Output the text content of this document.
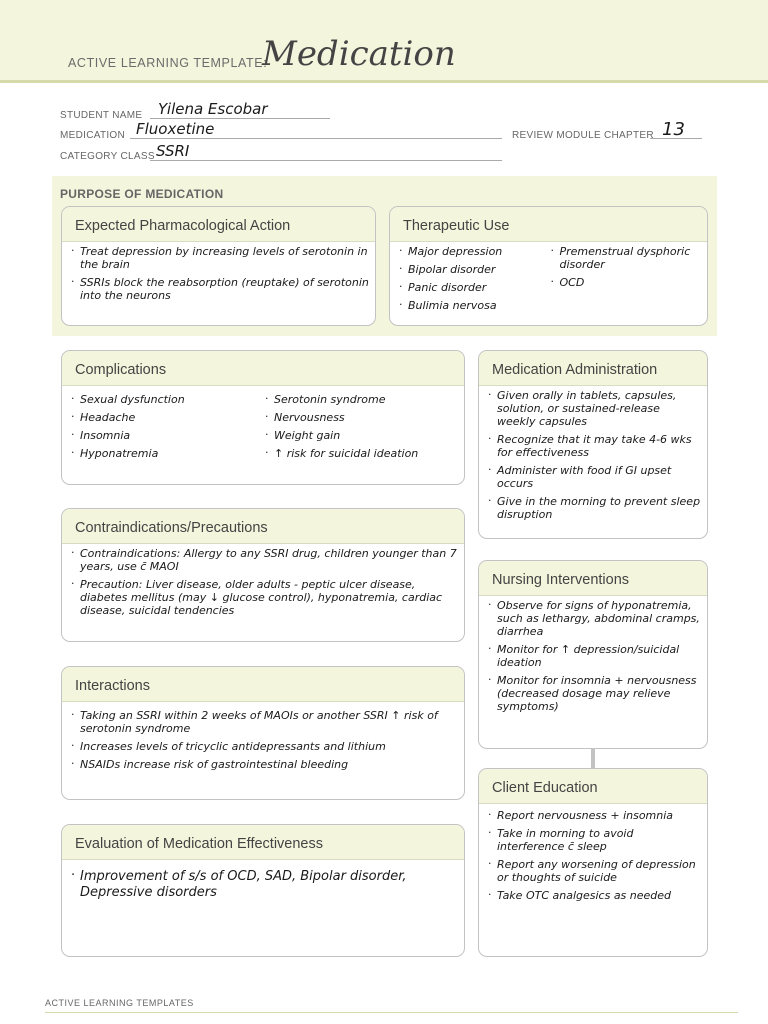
ACTIVE LEARNING TEMPLATE:
Medication
STUDENT NAME Yilena Escobar
MEDICATION Fluoxetine	REVIEW MODULE CHAPTER 13
CATEGORY CLASS SSRI
PURPOSE OF MEDICATION
Expected Pharmacological Action
· Treat depression by increasing levels of serotonin in the brain
· SSRIs block the reabsorption (reuptake) of serotonin into the neurons
Therapeutic Use
· Major depression
· Bipolar disorder
· Panic disorder
· Bulimia nervosa
· Premenstrual dysphoric disorder
· OCD
Complications
· Sexual dysfunction
· Headache
· Insomnia
· Hyponatremia
· Serotonin syndrome
· Nervousness
· Weight gain
· ↑ risk for suicidal ideation
Medication Administration
· Given orally in tablets, capsules, solution, or sustained-release weekly capsules
· Recognize that it may take 4-6 wks for effectiveness
· Administer with food if GI upset occurs
· Give in the morning to prevent sleep disruption
Contraindications/Precautions
· Contraindications: Allergy to any SSRI drug, children younger than 7 years, use c̄ MAOI
· Precaution: Liver disease, older adults - peptic ulcer disease, diabetes mellitus (may ↓ glucose control), hyponatremia, cardiac disease, suicidal tendencies
Nursing Interventions
· Observe for signs of hyponatremia, such as lethargy, abdominal cramps, diarrhea
· Monitor for ↑ depression/suicidal ideation
· Monitor for insomnia + nervousness (decreased dosage may relieve symptoms)
Interactions
· Taking an SSRI within 2 weeks of MAOIs or another SSRI ↑ risk of serotonin syndrome
· Increases levels of tricyclic antidepressants and lithium
· NSAIDs increase risk of gastrointestinal bleeding
Client Education
· Report nervousness + insomnia
· Take in morning to avoid interference c̄ sleep
· Report any worsening of depression or thoughts of suicide
· Take OTC analgesics as needed
Evaluation of Medication Effectiveness
· Improvement of s/s of OCD, SAD, Bipolar disorder, Depressive disorders
ACTIVE LEARNING TEMPLATES
